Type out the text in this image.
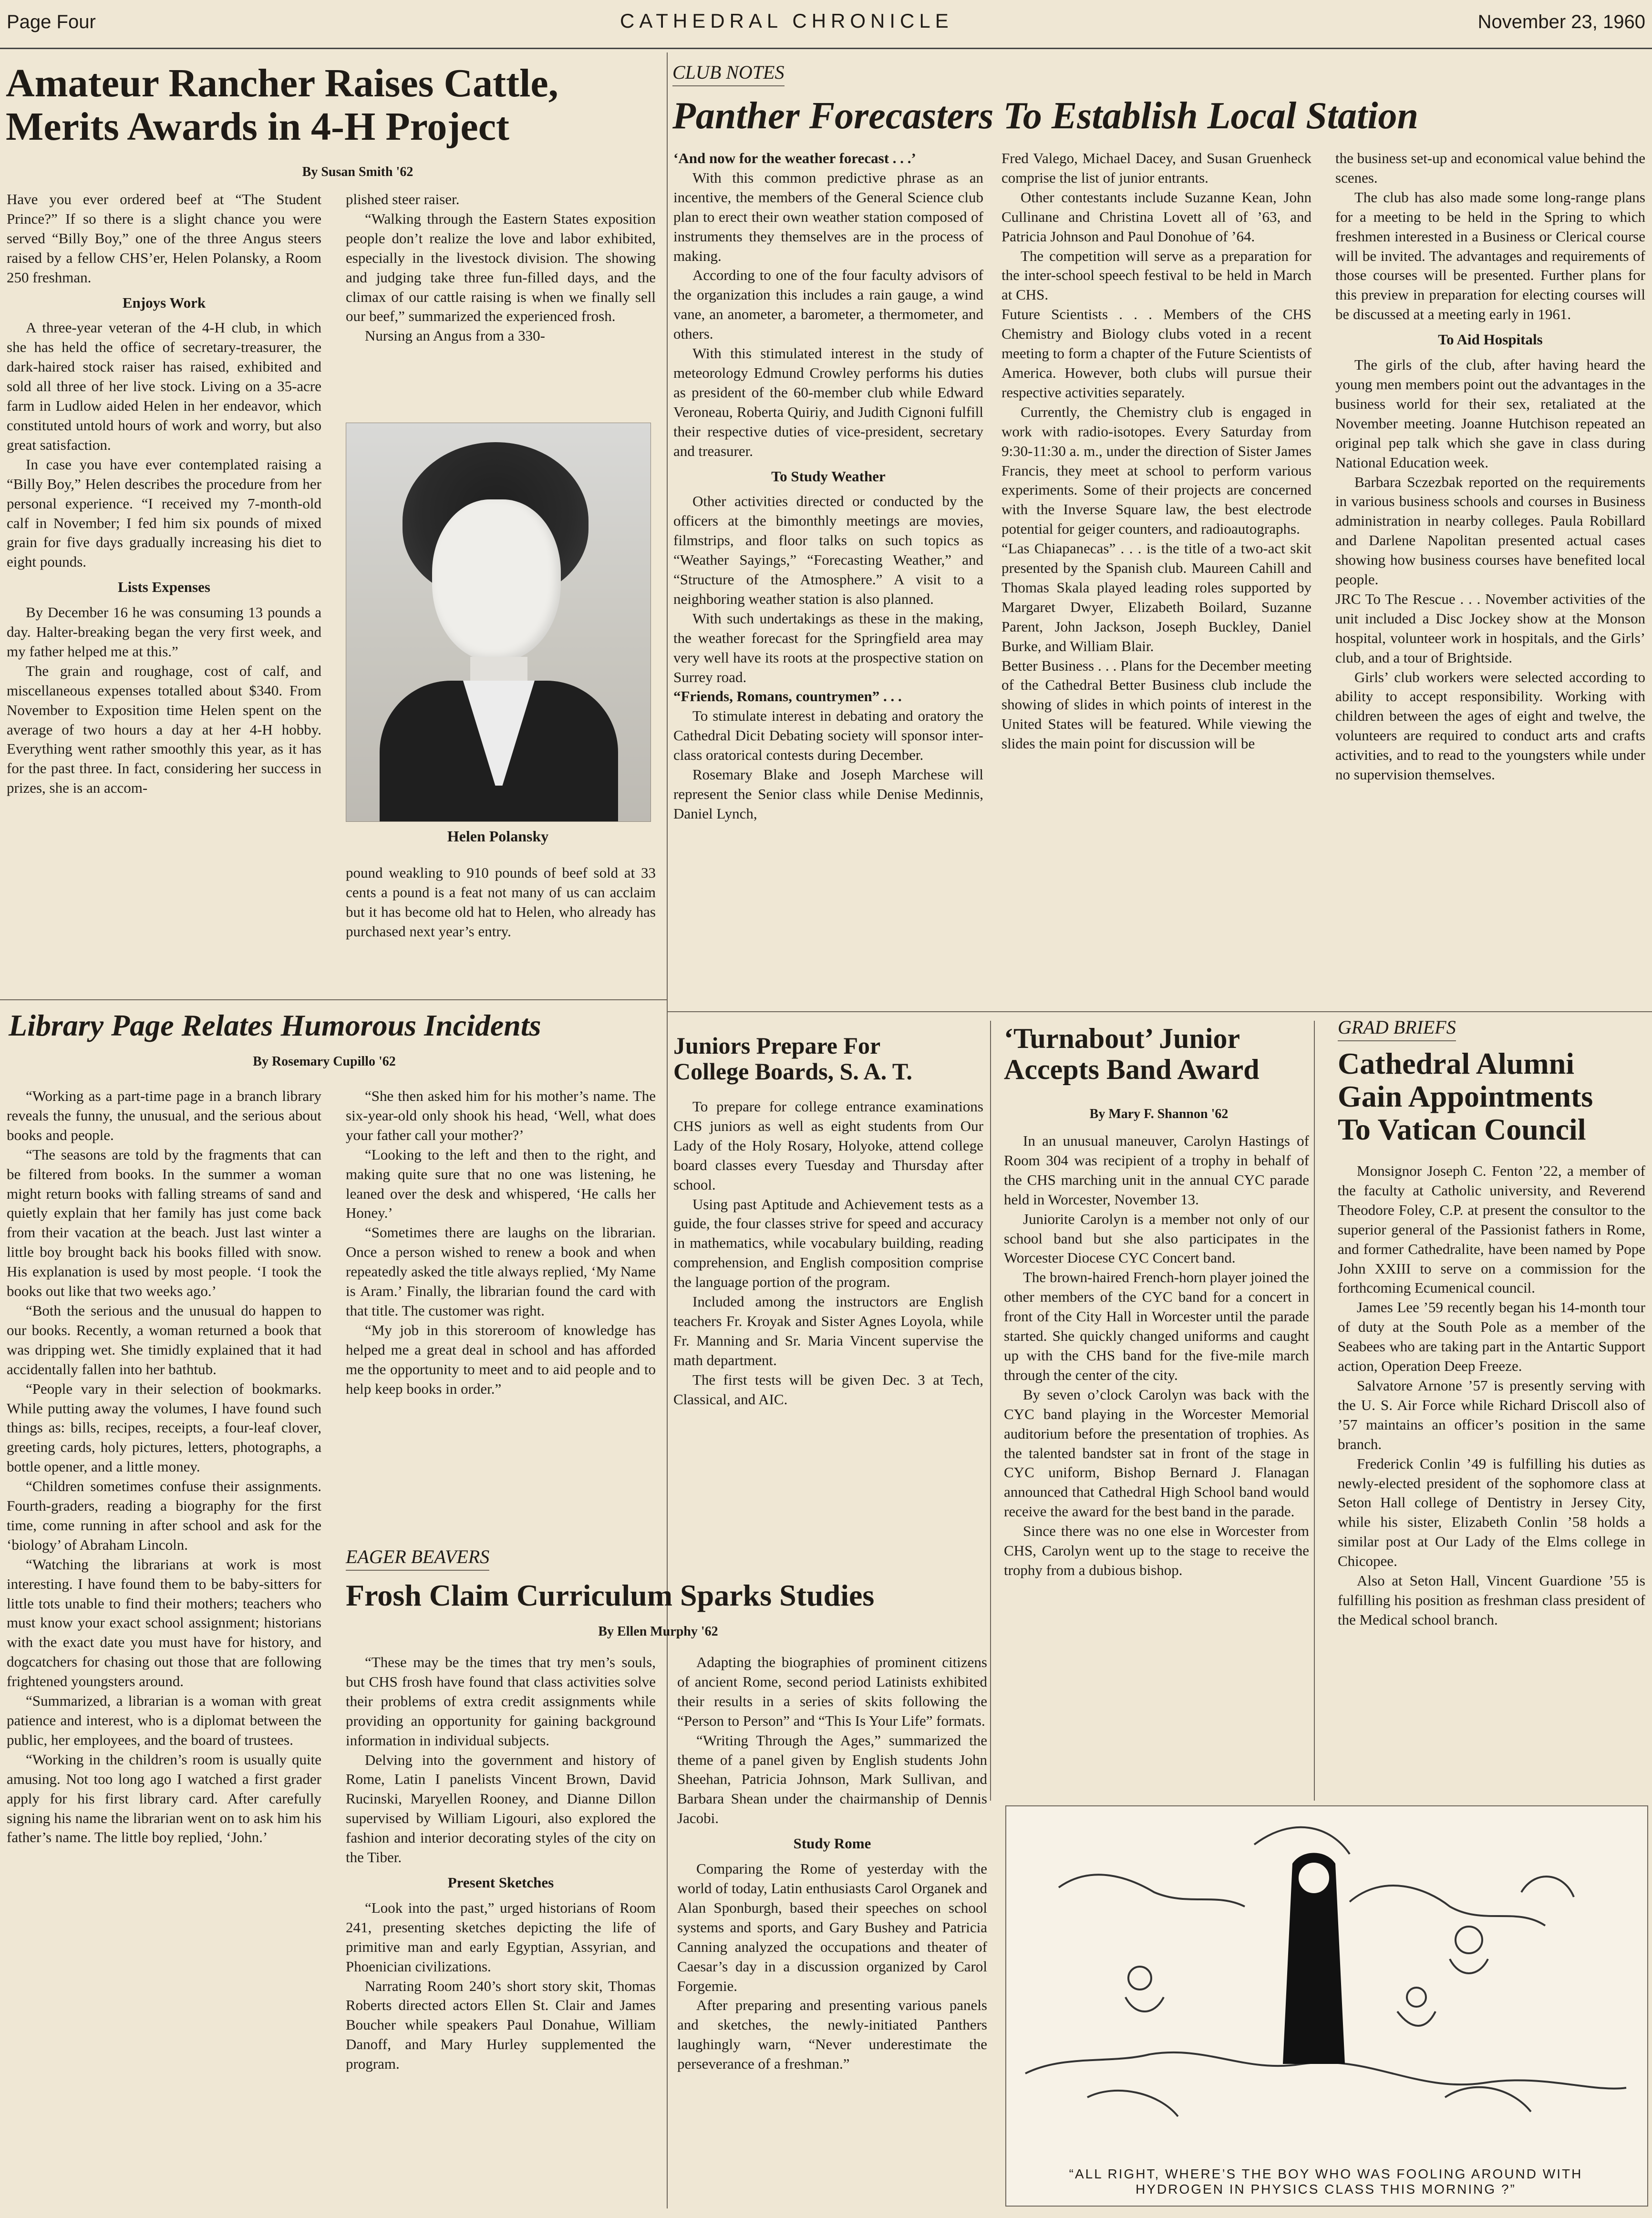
Page Four	CATHEDRAL CHRONICLE	November 23, 1960
Amateur Rancher Raises Cattle,
Merits Awards in 4-H Project
By Susan Smith '62

Have you ever ordered beef at “The Student Prince?” If so there is a slight chance you were served “Billy Boy,” one of the three Angus steers raised by a fellow CHS’er, Helen Polansky, a Room 250 freshman.

Enjoys Work

A three-year veteran of the 4-H club, in which she has held the office of secretary-treasurer, the dark-haired stock raiser has raised, exhibited and sold all three of her live stock. Living on a 35-acre farm in Ludlow aided Helen in her endeavor, which constituted untold hours of work and worry, but also great satisfaction.

In case you have ever contemplated raising a “Billy Boy,” Helen describes the procedure from her personal experience. “I received my 7-month-old calf in November; I fed him six pounds of mixed grain for five days gradually increasing his diet to eight pounds.

Lists Expenses

By December 16 he was consuming 13 pounds a day. Halter-breaking began the very first week, and my father helped me at this.”

The grain and roughage, cost of calf, and miscellaneous expenses totalled about $340. From November to Exposition time Helen spent on the average of two hours a day at her 4-H hobby. Everything went rather smoothly this year, as it has for the past three. In fact, considering her success in prizes, she is an accom-

plished steer raiser.

“Walking through the Eastern States exposition people don’t realize the love and labor exhibited, especially in the livestock division. The showing and judging take three fun-filled days, and the climax of our cattle raising is when we finally sell our beef,” summarized the experienced frosh.

Nursing an Angus from a 330-

Helen Polansky

pound weakling to 910 pounds of beef sold at 33 cents a pound is a feat not many of us can acclaim but it has become old hat to Helen, who already has purchased next year’s entry.

Library Page Relates Humorous Incidents
By Rosemary Cupillo '62

“Working as a part-time page in a branch library reveals the funny, the unusual, and the serious about books and people.

“The seasons are told by the fragments that can be filtered from books. In the summer a woman might return books with falling streams of sand and quietly explain that her family has just come back from their vacation at the beach. Just last winter a little boy brought back his books filled with snow. His explanation is used by most people. ‘I took the books out like that two weeks ago.’

“Both the serious and the unusual do happen to our books. Recently, a woman returned a book that was dripping wet. She timidly explained that it had accidentally fallen into her bathtub.

“People vary in their selection of bookmarks. While putting away the volumes, I have found such things as: bills, recipes, receipts, a four-leaf clover, greeting cards, holy pictures, letters, photographs, a bottle opener, and a little money.

“Children sometimes confuse their assignments. Fourth-graders, reading a biography for the first time, come running in after school and ask for the ‘biology’ of Abraham Lincoln.

“Watching the librarians at work is most interesting. I have found them to be baby-sitters for little tots unable to find their mothers; teachers who must know your exact school assignment; historians with the exact date you must have for history, and dogcatchers for chasing out those that are following frightened youngsters around.

“Summarized, a librarian is a woman with great patience and interest, who is a diplomat between the public, her employees, and the board of trustees.

“Working in the children’s room is usually quite amusing. Not too long ago I watched a first grader apply for his first library card. After carefully signing his name the librarian went on to ask him his father’s name. The little boy replied, ‘John.’

“She then asked him for his mother’s name. The six-year-old only shook his head, ‘Well, what does your father call your mother?’

“Looking to the left and then to the right, and making quite sure that no one was listening, he leaned over the desk and whispered, ‘He calls her Honey.’

“Sometimes there are laughs on the librarian. Once a person wished to renew a book and when repeatedly asked the title always replied, ‘My Name is Aram.’ Finally, the librarian found the card with that title. The customer was right.

“My job in this storeroom of knowledge has helped me a great deal in school and has afforded me the opportunity to meet and to aid people and to help keep books in order.”

EAGER BEAVERS
Frosh Claim Curriculum Sparks Studies
By Ellen Murphy '62

“These may be the times that try men’s souls, but CHS frosh have found that class activities solve their problems of extra credit assignments while providing an opportunity for gaining background information in individual subjects.

Delving into the government and history of Rome, Latin I panelists Vincent Brown, David Rucinski, Maryellen Rooney, and Dianne Dillon supervised by William Ligouri, also explored the fashion and interior decorating styles of the city on the Tiber.

Present Sketches

“Look into the past,” urged historians of Room 241, presenting sketches depicting the life of primitive man and early Egyptian, Assyrian, and Phoenician civilizations.

Narrating Room 240’s short story skit, Thomas Roberts directed actors Ellen St. Clair and James Boucher while speakers Paul Donahue, William Danoff, and Mary Hurley supplemented the program.

Adapting the biographies of prominent citizens of ancient Rome, second period Latinists exhibited their results in a series of skits following the “Person to Person” and “This Is Your Life” formats.

“Writing Through the Ages,” summarized the theme of a panel given by English students John Sheehan, Patricia Johnson, Mark Sullivan, and Barbara Shean under the chairmanship of Dennis Jacobi.

Study Rome

Comparing the Rome of yesterday with the world of today, Latin enthusiasts Carol Organek and Alan Sponburgh, based their speeches on school systems and sports, and Gary Bushey and Patricia Canning analyzed the occupations and theater of Caesar’s day in a discussion organized by Carol Forgemie.

After preparing and presenting various panels and sketches, the newly-initiated Panthers laughingly warn, “Never underestimate the perseverance of a freshman.”

CLUB NOTES
Panther Forecasters To Establish Local Station

‘And now for the weather forecast . . .’

With this common predictive phrase as an incentive, the members of the General Science club plan to erect their own weather station composed of instruments they themselves are in the process of making.

According to one of the four faculty advisors of the organization this includes a rain gauge, a wind vane, an anometer, a barometer, a thermometer, and others.

With this stimulated interest in the study of meteorology Edmund Crowley performs his duties as president of the 60-member club while Edward Veroneau, Roberta Quiriy, and Judith Cignoni fulfill their respective duties of vice-president, secretary and treasurer.

To Study Weather

Other activities directed or conducted by the officers at the bimonthly meetings are movies, filmstrips, and floor talks on such topics as “Weather Sayings,” “Forecasting Weather,” and “Structure of the Atmosphere.” A visit to a neighboring weather station is also planned.

With such undertakings as these in the making, the weather forecast for the Springfield area may very well have its roots at the prospective station on Surrey road.

“Friends, Romans, countrymen” . . .

To stimulate interest in debating and oratory the Cathedral Dicit Debating society will sponsor inter-class oratorical contests during December.

Rosemary Blake and Joseph Marchese will represent the Senior class while Denise Medinnis, Daniel Lynch,

Fred Valego, Michael Dacey, and Susan Gruenheck comprise the list of junior entrants.

Other contestants include Suzanne Kean, John Cullinane and Christina Lovett all of ’63, and Patricia Johnson and Paul Donohue of ’64.

The competition will serve as a preparation for the inter-school speech festival to be held in March at CHS.

Future Scientists . . . Members of the CHS Chemistry and Biology clubs voted in a recent meeting to form a chapter of the Future Scientists of America. However, both clubs will pursue their respective activities separately.

Currently, the Chemistry club is engaged in work with radio-isotopes. Every Saturday from 9:30-11:30 a. m., under the direction of Sister James Francis, they meet at school to perform various experiments. Some of their projects are concerned with the Inverse Square law, the best electrode potential for geiger counters, and radioautographs.

“Las Chiapanecas” . . . is the title of a two-act skit presented by the Spanish club. Maureen Cahill and Thomas Skala played leading roles supported by Margaret Dwyer, Elizabeth Boilard, Suzanne Parent, John Jackson, Joseph Buckley, Daniel Burke, and William Blair.

Better Business . . . Plans for the December meeting of the Cathedral Better Business club include the showing of slides in which points of interest in the United States will be featured. While viewing the slides the main point for discussion will be

the business set-up and economical value behind the scenes.

The club has also made some long-range plans for a meeting to be held in the Spring to which freshmen interested in a Business or Clerical course will be invited. The advantages and requirements of those courses will be presented. Further plans for this preview in preparation for electing courses will be discussed at a meeting early in 1961.

To Aid Hospitals

The girls of the club, after having heard the young men members point out the advantages in the business world for their sex, retaliated at the November meeting. Joanne Hutchison repeated an original pep talk which she gave in class during National Education week.

Barbara Sczezbak reported on the requirements in various business schools and courses in Business administration in nearby colleges. Paula Robillard and Darlene Napolitan presented actual cases showing how business courses have benefited local people.

JRC To The Rescue . . . November activities of the unit included a Disc Jockey show at the Monson hospital, volunteer work in hospitals, and the Girls’ club, and a tour of Brightside.

Girls’ club workers were selected according to ability to accept responsibility. Working with children between the ages of eight and twelve, the volunteers are required to conduct arts and crafts activities, and to read to the youngsters while under no supervision themselves.

Juniors Prepare For
College Boards, S. A. T.

To prepare for college entrance examinations CHS juniors as well as eight students from Our Lady of the Holy Rosary, Holyoke, attend college board classes every Tuesday and Thursday after school.

Using past Aptitude and Achievement tests as a guide, the four classes strive for speed and accuracy in mathematics, while vocabulary building, reading comprehension, and English composition comprise the language portion of the program.

Included among the instructors are English teachers Fr. Kroyak and Sister Agnes Loyola, while Fr. Manning and Sr. Maria Vincent supervise the math department.

The first tests will be given Dec. 3 at Tech, Classical, and AIC.

‘Turnabout’ Junior
Accepts Band Award
By Mary F. Shannon '62

In an unusual maneuver, Carolyn Hastings of Room 304 was recipient of a trophy in behalf of the CHS marching unit in the annual CYC parade held in Worcester, November 13.

Juniorite Carolyn is a member not only of our school band but she also participates in the Worcester Diocese CYC Concert band.

The brown-haired French-horn player joined the other members of the CYC band for a concert in front of the City Hall in Worcester until the parade started. She quickly changed uniforms and caught up with the CHS band for the five-mile march through the center of the city.

By seven o’clock Carolyn was back with the CYC band playing in the Worcester Memorial auditorium before the presentation of trophies. As the talented bandster sat in front of the stage in CYC uniform, Bishop Bernard J. Flanagan announced that Cathedral High School band would receive the award for the best band in the parade.

Since there was no one else in Worcester from CHS, Carolyn went up to the stage to receive the trophy from a dubious bishop.

GRAD BRIEFS
Cathedral Alumni
Gain Appointments
To Vatican Council

Monsignor Joseph C. Fenton ’22, a member of the faculty at Catholic university, and Reverend Theodore Foley, C.P. at present the consultor to the superior general of the Passionist fathers in Rome, and former Cathedralite, have been named by Pope John XXIII to serve on a commission for the forthcoming Ecumenical council.

James Lee ’59 recently began his 14-month tour of duty at the South Pole as a member of the Seabees who are taking part in the Antartic Support action, Operation Deep Freeze.

Salvatore Arnone ’57 is presently serving with the U. S. Air Force while Richard Driscoll also of ’57 maintains an officer’s position in the same branch.

Frederick Conlin ’49 is fulfilling his duties as newly-elected president of the sophomore class at Seton Hall college of Dentistry in Jersey City, while his sister, Elizabeth Conlin ’58 holds a similar post at Our Lady of the Elms college in Chicopee.

Also at Seton Hall, Vincent Guardione ’55 is fulfilling his position as freshman class president of the Medical school branch.

“ALL RIGHT, WHERE’S THE BOY WHO WAS FOOLING AROUND WITH HYDROGEN IN PHYSICS CLASS THIS MORNING ?”
